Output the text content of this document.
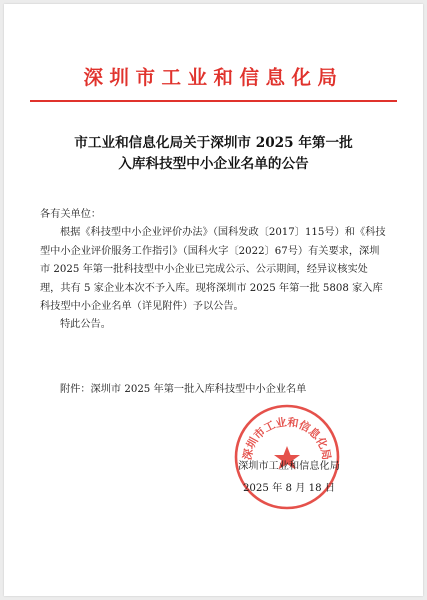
深圳市工业和信息化局
市工业和信息化局关于深圳市 2025 年第一批
入库科技型中小企业名单的公告

各有关单位：

根据《科技型中小企业评价办法》（国科发政〔2017〕115号）和《科技型中小企业评价服务工作指引》（国科火字〔2022〕67号）有关要求，深圳市 2025 年第一批科技型中小企业已完成公示、公示期间，经异议核实处理，共有 5 家企业本次不予入库。现将深圳市 2025 年第一批 5808 家入库科技型中小企业名单（详见附件）予以公告。

特此公告。

附件：深圳市 2025 年第一批入库科技型中小企业名单
深圳市工业和信息化局
深圳市工业和信息化局
2025 年 8 月 18 日
